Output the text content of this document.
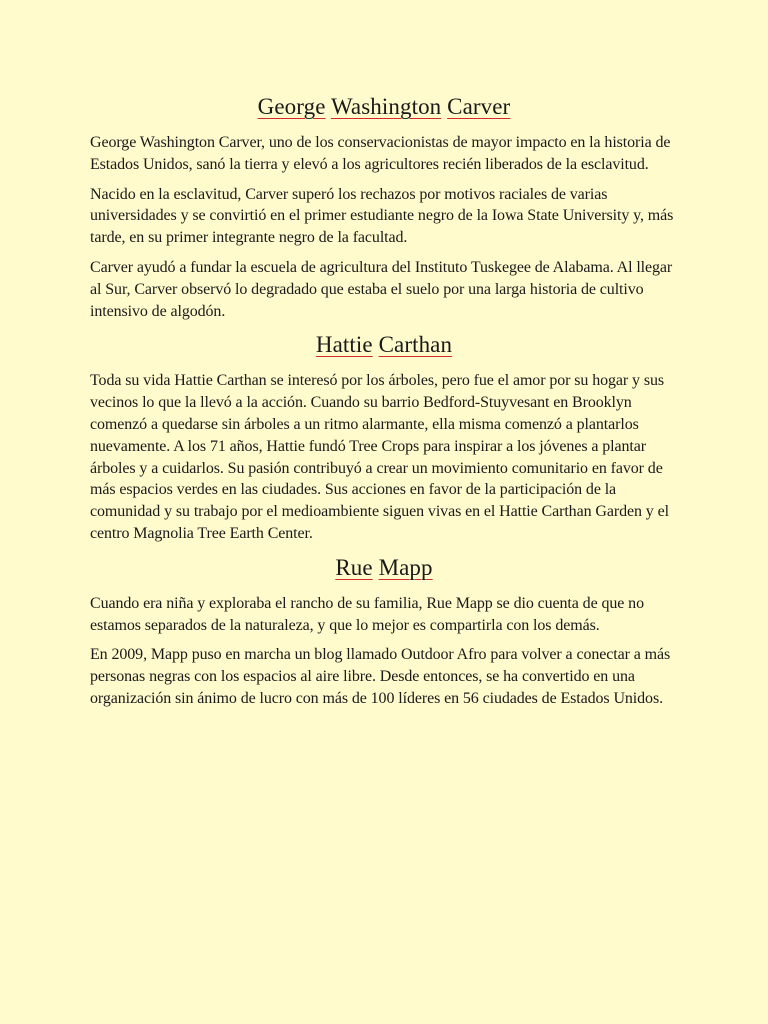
George Washington Carver

George Washington Carver, uno de los conservacionistas de mayor impacto en la historia de Estados Unidos, sanó la tierra y elevó a los agricultores recién liberados de la esclavitud.

Nacido en la esclavitud, Carver superó los rechazos por motivos raciales de varias universidades y se convirtió en el primer estudiante negro de la Iowa State University y, más tarde, en su primer integrante negro de la facultad.

Carver ayudó a fundar la escuela de agricultura del Instituto Tuskegee de Alabama. Al llegar al Sur, Carver observó lo degradado que estaba el suelo por una larga historia de cultivo intensivo de algodón.

Hattie Carthan

Toda su vida Hattie Carthan se interesó por los árboles, pero fue el amor por su hogar y sus vecinos lo que la llevó a la acción. Cuando su barrio Bedford-Stuyvesant en Brooklyn comenzó a quedarse sin árboles a un ritmo alarmante, ella misma comenzó a plantarlos nuevamente. A los 71 años, Hattie fundó Tree Crops para inspirar a los jóvenes a plantar árboles y a cuidarlos. Su pasión contribuyó a crear un movimiento comunitario en favor de más espacios verdes en las ciudades. Sus acciones en favor de la participación de la comunidad y su trabajo por el medioambiente siguen vivas en el Hattie Carthan Garden y el centro Magnolia Tree Earth Center.

Rue Mapp

Cuando era niña y exploraba el rancho de su familia, Rue Mapp se dio cuenta de que no estamos separados de la naturaleza, y que lo mejor es compartirla con los demás.

En 2009, Mapp puso en marcha un blog llamado Outdoor Afro para volver a conectar a más personas negras con los espacios al aire libre. Desde entonces, se ha convertido en una organización sin ánimo de lucro con más de 100 líderes en 56 ciudades de Estados Unidos.
